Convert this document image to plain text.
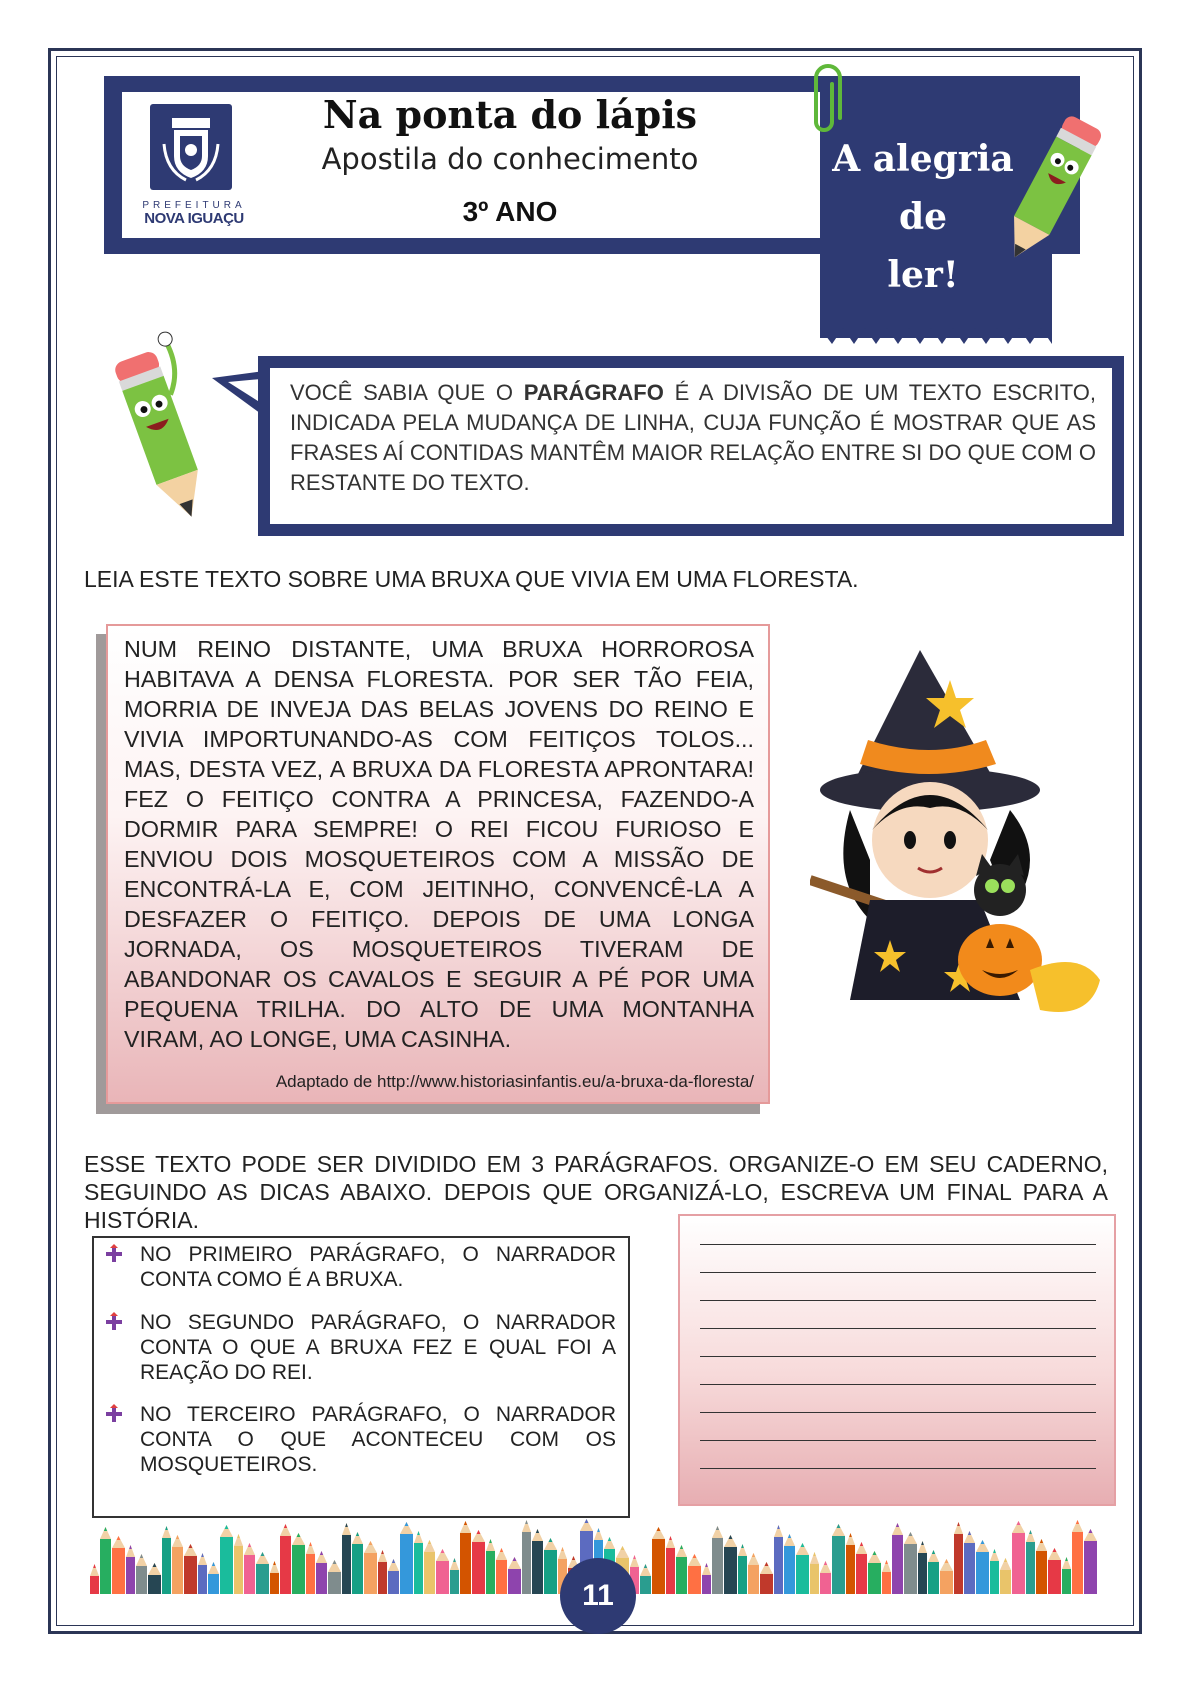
PREFEITURA
NOVA IGUAÇU
Na ponta do lápis
Apostila do conhecimento
3º ANO
A alegria
de
ler!
VOCÊ SABIA QUE O PARÁGRAFO É A DIVISÃO DE UM TEXTO ESCRITO, INDICADA PELA MUDANÇA DE LINHA, CUJA FUNÇÃO É MOSTRAR QUE AS FRASES AÍ CONTIDAS MANTÊM MAIOR RELAÇÃO ENTRE SI DO QUE COM O RESTANTE DO TEXTO.
LEIA ESTE TEXTO SOBRE UMA BRUXA QUE VIVIA EM UMA FLORESTA.
NUM REINO DISTANTE, UMA BRUXA HORROROSA HABITAVA A DENSA FLORESTA. POR SER TÃO FEIA, MORRIA DE INVEJA DAS BELAS JOVENS DO REINO E VIVIA IMPORTUNANDO-AS COM FEITIÇOS TOLOS... MAS, DESTA VEZ, A BRUXA DA FLORESTA APRONTARA! FEZ O FEITIÇO CONTRA A PRINCESA, FAZENDO-A DORMIR PARA SEMPRE! O REI FICOU FURIOSO E ENVIOU DOIS MOSQUETEIROS COM A MISSÃO DE ENCONTRÁ-LA E, COM JEITINHO, CONVENCÊ-LA A DESFAZER O FEITIÇO. DEPOIS DE UMA LONGA JORNADA, OS MOSQUETEIROS TIVERAM DE ABANDONAR OS CAVALOS E SEGUIR A PÉ POR UMA PEQUENA TRILHA. DO ALTO DE UMA MONTANHA VIRAM, AO LONGE, UMA CASINHA.
Adaptado de http://www.historiasinfantis.eu/a-bruxa-da-floresta/
ESSE TEXTO PODE SER DIVIDIDO EM 3 PARÁGRAFOS. ORGANIZE-O EM SEU CADERNO, SEGUINDO AS DICAS ABAIXO. DEPOIS QUE ORGANIZÁ-LO, ESCREVA UM FINAL PARA A HISTÓRIA.
NO PRIMEIRO PARÁGRAFO, O NARRADOR CONTA COMO É A BRUXA.
NO SEGUNDO PARÁGRAFO, O NARRADOR CONTA O QUE A BRUXA FEZ E QUAL FOI A REAÇÃO DO REI.
NO TERCEIRO PARÁGRAFO, O NARRADOR CONTA O QUE ACONTECEU COM OS MOSQUETEIROS.
11
